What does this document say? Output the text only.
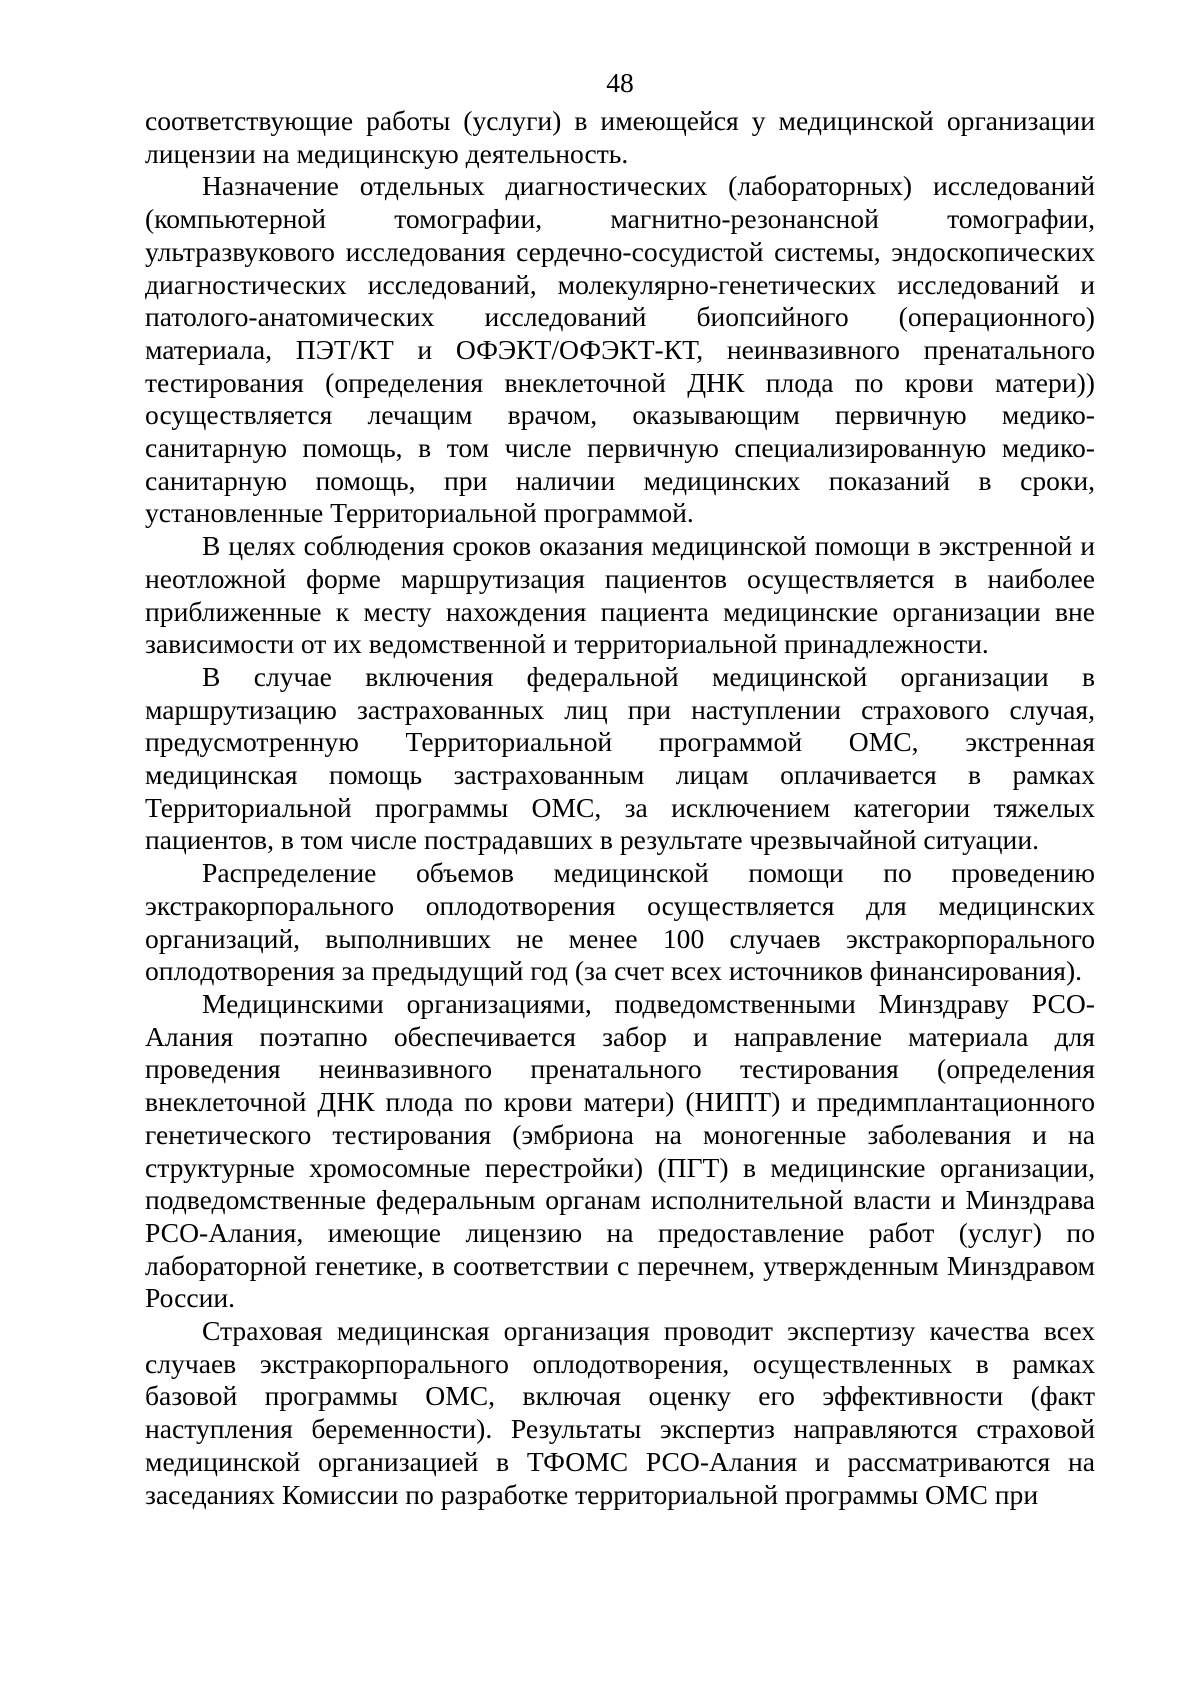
48

соответствующие работы (услуги) в имеющейся у медицинской организации лицензии на медицинскую деятельность.

Назначение отдельных диагностических (лабораторных) исследований (компьютерной томографии, магнитно-резонансной томографии, ультразвукового исследования сердечно-сосудистой системы, эндоскопических диагностических исследований, молекулярно-генетических исследований и патолого-анатомических исследований биопсийного (операционного) материала, ПЭТ/КТ и ОФЭКТ/ОФЭКТ-КТ, неинвазивного пренатального тестирования (определения внеклеточной ДНК плода по крови матери)) осуществляется лечащим врачом, оказывающим первичную медико-санитарную помощь, в том числе первичную специализированную медико-санитарную помощь, при наличии медицинских показаний в сроки, установленные Территориальной программой.

В целях соблюдения сроков оказания медицинской помощи в экстренной и неотложной форме маршрутизация пациентов осуществляется в наиболее приближенные к месту нахождения пациента медицинские организации вне зависимости от их ведомственной и территориальной принадлежности.

В случае включения федеральной медицинской организации в маршрутизацию застрахованных лиц при наступлении страхового случая, предусмотренную Территориальной программой ОМС, экстренная медицинская помощь застрахованным лицам оплачивается в рамках Территориальной программы ОМС, за исключением категории тяжелых пациентов, в том числе пострадавших в результате чрезвычайной ситуации.

Распределение объемов медицинской помощи по проведению экстракорпорального оплодотворения осуществляется для медицинских организаций, выполнивших не менее 100 случаев экстракорпорального оплодотворения за предыдущий год (за счет всех источников финансирования).

Медицинскими организациями, подведомственными Минздраву РСО-Алания поэтапно обеспечивается забор и направление материала для проведения неинвазивного пренатального тестирования (определения внеклеточной ДНК плода по крови матери) (НИПТ) и предимплантационного генетического тестирования (эмбриона на моногенные заболевания и на структурные хромосомные перестройки) (ПГТ) в медицинские организации, подведомственные федеральным органам исполнительной власти и Минздрава РСО-Алания, имеющие лицензию на предоставление работ (услуг) по лабораторной генетике, в соответствии с перечнем, утвержденным Минздравом России.

Страховая медицинская организация проводит экспертизу качества всех случаев экстракорпорального оплодотворения, осуществленных в рамках базовой программы ОМС, включая оценку его эффективности (факт наступления беременности). Результаты экспертиз направляются страховой медицинской организацией в ТФОМС РСО-Алания и рассматриваются на заседаниях Комиссии по разработке территориальной программы ОМС при
